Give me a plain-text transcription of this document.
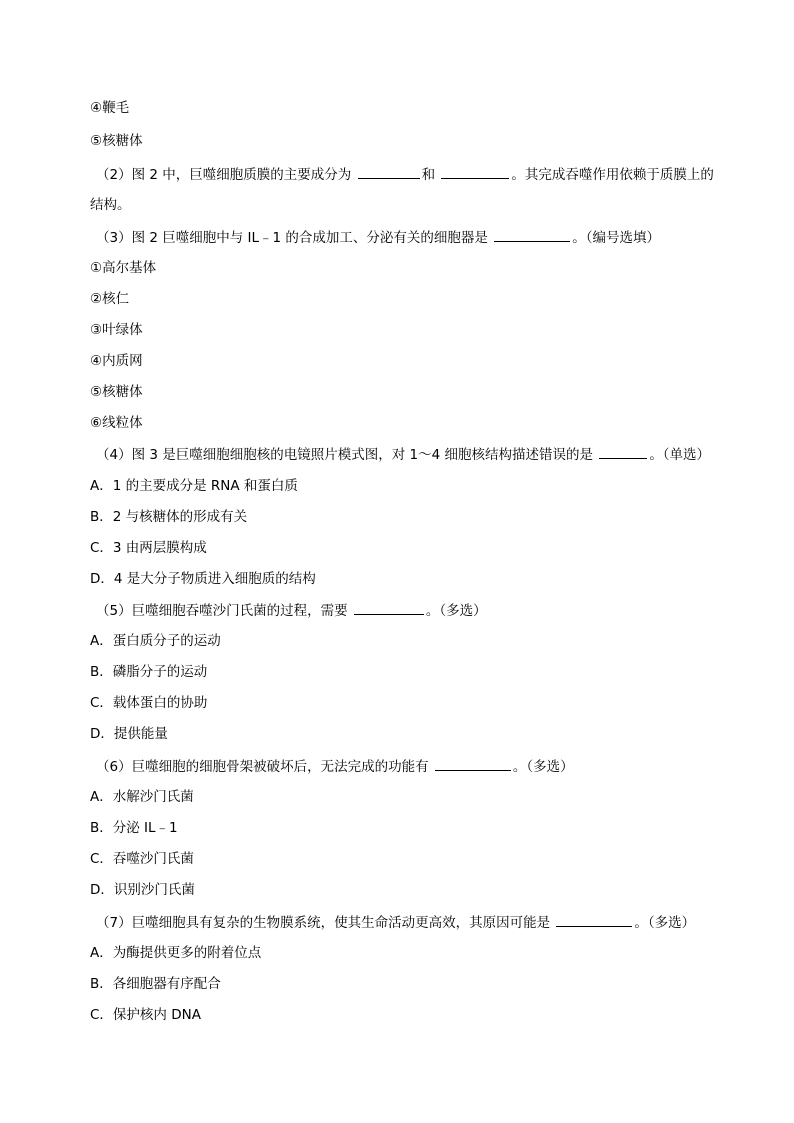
④鞭毛
⑤核糖体
（2）图 2 中，巨噬细胞质膜的主要成分为	和	。其完成吞噬作用依赖于质膜上的
结构。
（3）图 2 巨噬细胞中与 IL﹣1 的合成加工、分泌有关的细胞器是	。（编号选填）
①高尔基体
②核仁
③叶绿体
④内质网
⑤核糖体
⑥线粒体
（4）图 3 是巨噬细胞细胞核的电镜照片模式图，对 1～4 细胞核结构描述错误的是	。（单选）
A．1 的主要成分是 RNA 和蛋白质
B．2 与核糖体的形成有关
C．3 由两层膜构成
D．4 是大分子物质进入细胞质的结构
（5）巨噬细胞吞噬沙门氏菌的过程，需要	。（多选）
A．蛋白质分子的运动
B．磷脂分子的运动
C．载体蛋白的协助
D．提供能量
（6）巨噬细胞的细胞骨架被破坏后，无法完成的功能有	。（多选）
A．水解沙门氏菌
B．分泌 IL﹣1
C．吞噬沙门氏菌
D．识别沙门氏菌
（7）巨噬细胞具有复杂的生物膜系统，使其生命活动更高效，其原因可能是	。（多选）
A．为酶提供更多的附着位点
B．各细胞器有序配合
C．保护核内 DNA
